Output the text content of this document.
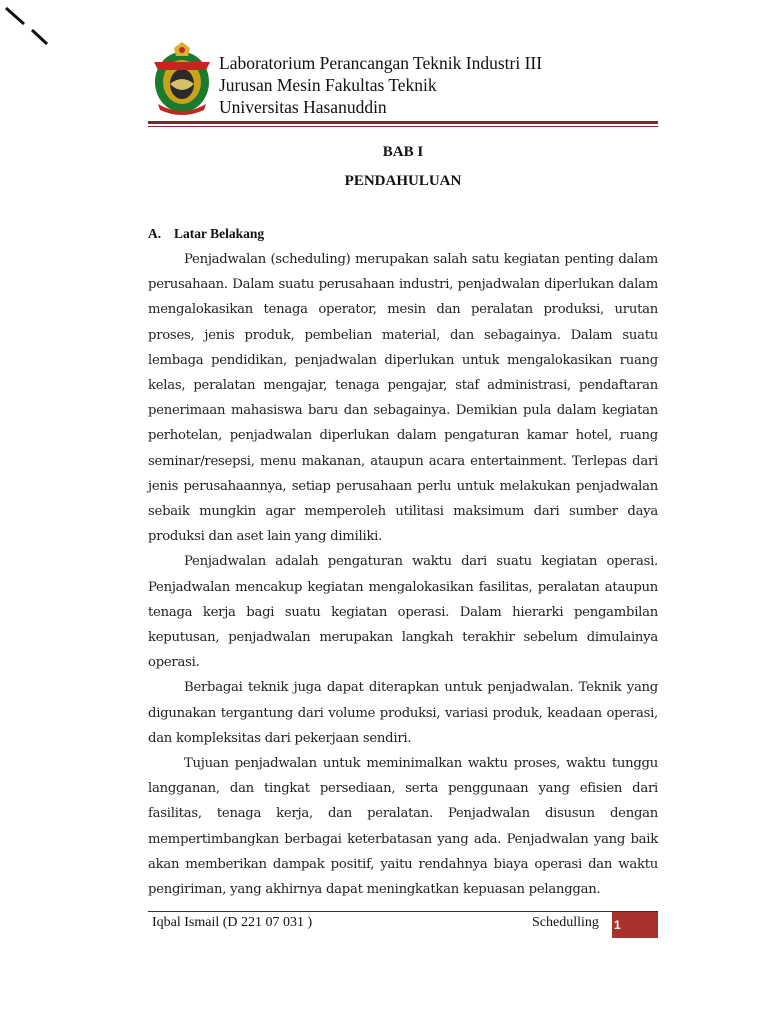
Laboratorium Perancangan Teknik Industri III
Jurusan Mesin Fakultas Teknik
Universitas Hasanuddin
BAB I
PENDAHULUAN
A. Latar Belakang

Penjadwalan (scheduling) merupakan salah satu kegiatan penting dalam perusahaan. Dalam suatu perusahaan industri, penjadwalan diperlukan dalam mengalokasikan tenaga operator, mesin dan peralatan produksi, urutan proses, jenis produk, pembelian material, dan sebagainya. Dalam suatu lembaga pendidikan, penjadwalan diperlukan untuk mengalokasikan ruang kelas, peralatan mengajar, tenaga pengajar, staf administrasi, pendaftaran penerimaan mahasiswa baru dan sebagainya. Demikian pula dalam kegiatan perhotelan, penjadwalan diperlukan dalam pengaturan kamar hotel, ruang seminar/resepsi, menu makanan, ataupun acara entertainment. Terlepas dari jenis perusahaannya, setiap perusahaan perlu untuk melakukan penjadwalan sebaik mungkin agar memperoleh utilitasi maksimum dari sumber daya produksi dan aset lain yang dimiliki.

Penjadwalan adalah pengaturan waktu dari suatu kegiatan operasi. Penjadwalan mencakup kegiatan mengalokasikan fasilitas, peralatan ataupun tenaga kerja bagi suatu kegiatan operasi. Dalam hierarki pengambilan keputusan, penjadwalan merupakan langkah terakhir sebelum dimulainya operasi.

Berbagai teknik juga dapat diterapkan untuk penjadwalan. Teknik yang digunakan tergantung dari volume produksi, variasi produk, keadaan operasi, dan kompleksitas dari pekerjaan sendiri.

Tujuan penjadwalan untuk meminimalkan waktu proses, waktu tunggu langganan, dan tingkat persediaan, serta penggunaan yang efisien dari fasilitas, tenaga kerja, dan peralatan. Penjadwalan disusun dengan mempertimbangkan berbagai keterbatasan yang ada. Penjadwalan yang baik akan memberikan dampak positif, yaitu rendahnya biaya operasi dan waktu pengiriman, yang akhirnya dapat meningkatkan kepuasan pelanggan.

Iqbal Ismail (D 221 07 031 )	Schedulling 1
